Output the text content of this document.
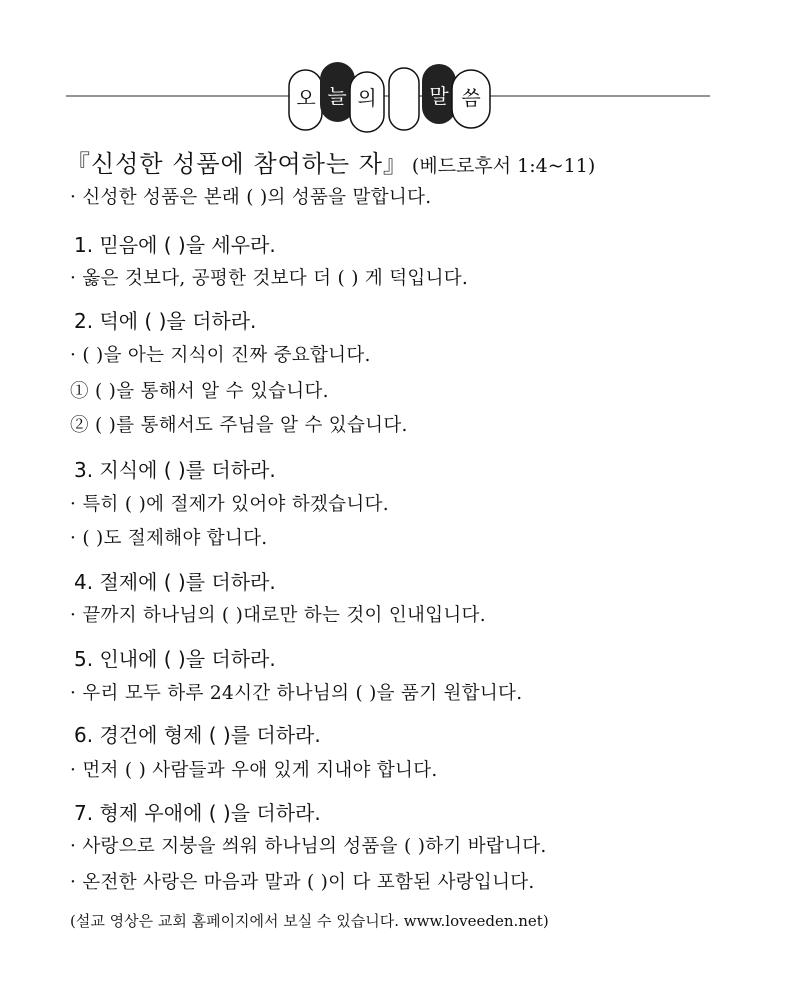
오 늘 의	말 씀
『신성한 성품에 참여하는 자』 (베드로후서 1:4~11)
· 신성한 성품은 본래 ( )의 성품을 말합니다.
1. 믿음에 ( )을 세우라.
· 옳은 것보다, 공평한 것보다 더 ( ) 게 덕입니다.
2. 덕에 ( )을 더하라.
· ( )을 아는 지식이 진짜 중요합니다.
① ( )을 통해서 알 수 있습니다.
② ( )를 통해서도 주님을 알 수 있습니다.
3. 지식에 ( )를 더하라.
· 특히 ( )에 절제가 있어야 하겠습니다.
· ( )도 절제해야 합니다.
4. 절제에 ( )를 더하라.
· 끝까지 하나님의 ( )대로만 하는 것이 인내입니다.
5. 인내에 ( )을 더하라.
· 우리 모두 하루 24시간 하나님의 ( )을 품기 원합니다.
6. 경건에 형제 ( )를 더하라.
· 먼저 ( ) 사람들과 우애 있게 지내야 합니다.
7. 형제 우애에 ( )을 더하라.
· 사랑으로 지붕을 씌워 하나님의 성품을 ( )하기 바랍니다.
· 온전한 사랑은 마음과 말과 ( )이 다 포함된 사랑입니다.
(설교 영상은 교회 홈페이지에서 보실 수 있습니다. www.loveeden.net)
